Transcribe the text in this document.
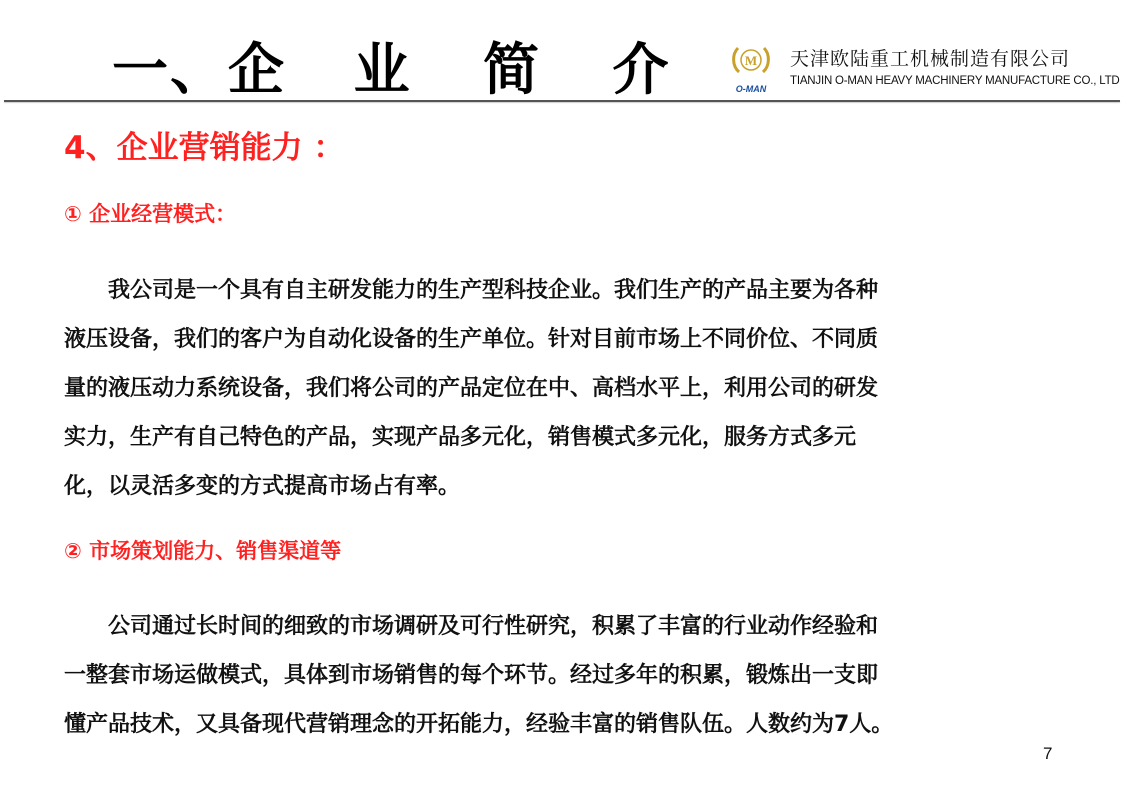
一、企 业 简 介	M
O-MAN
天津欧陆重工机械制造有限公司
TIANJIN O-MAN HEAVY MACHINERY MANUFACTURE CO., LTD
4、企业营销能力 ：
① 企业经营模式：
　　我公司是一个具有自主研发能力的生产型科技企业。我们生产的产品主要为各种
液压设备，我们的客户为自动化设备的生产单位。针对目前市场上不同价位、不同质
量的液压动力系统设备，我们将公司的产品定位在中、高档水平上，利用公司的研发
实力，生产有自己特色的产品，实现产品多元化，销售模式多元化，服务方式多元
化，以灵活多变的方式提高市场占有率。
② 市场策划能力、销售渠道等
　　公司通过长时间的细致的市场调研及可行性研究，积累了丰富的行业动作经验和
一整套市场运做模式，具体到市场销售的每个环节。经过多年的积累，锻炼出一支即
懂产品技术，又具备现代营销理念的开拓能力，经验丰富的销售队伍。人数约为7人。
7
